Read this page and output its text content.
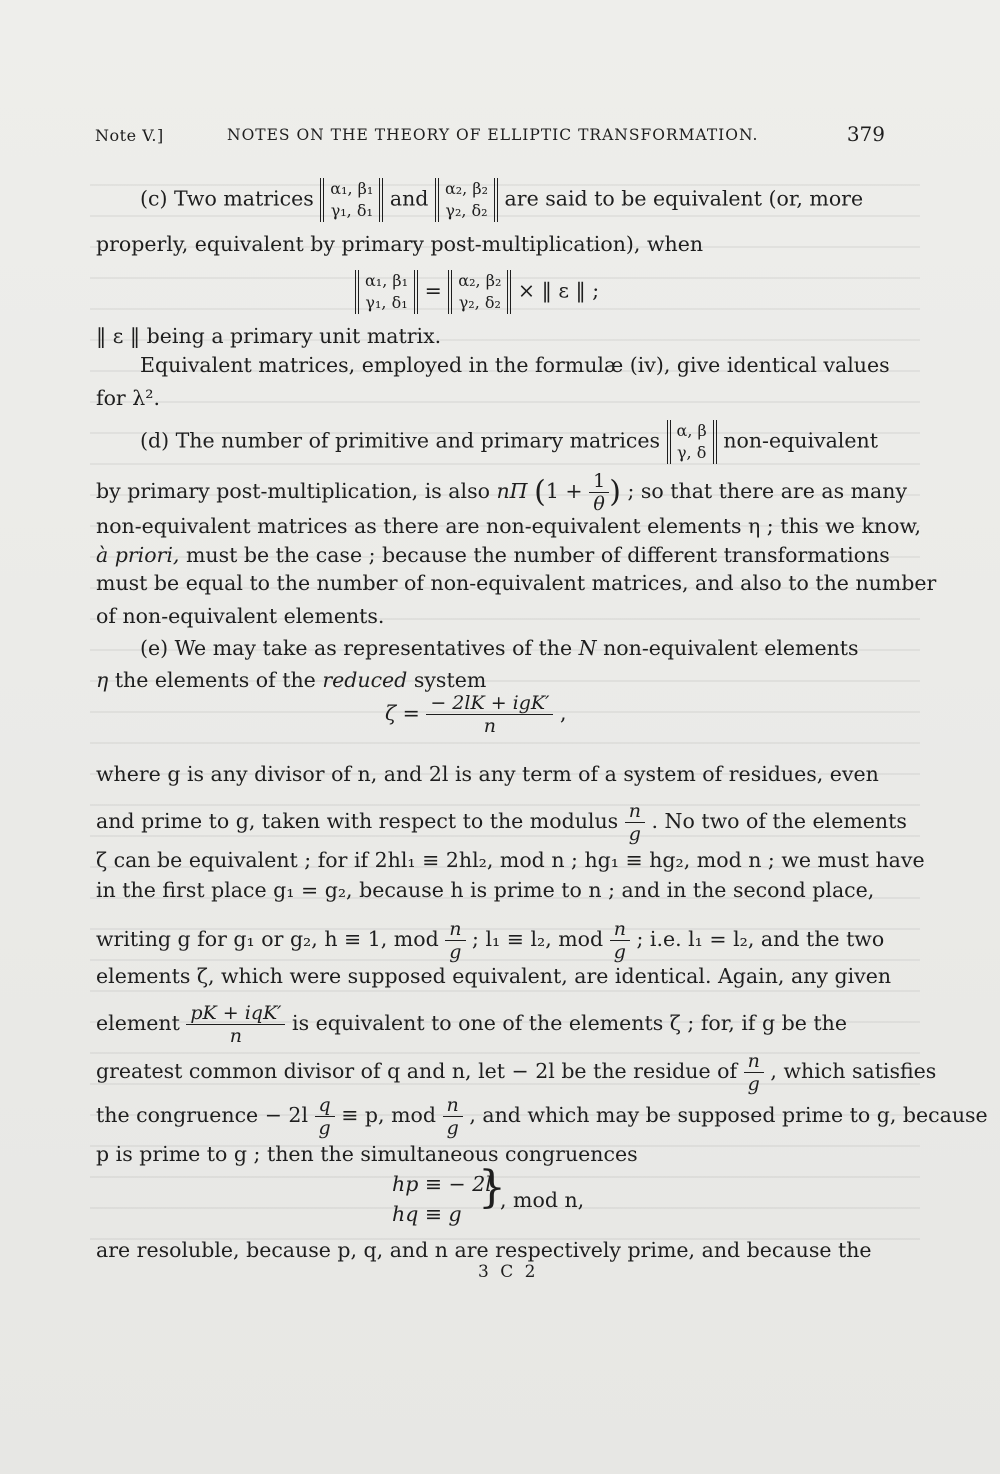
Note V.]	NOTES ON THE THEORY OF ELLIPTIC TRANSFORMATION.	379
(c) Two matrices α₁, β₁
γ₁, δ₁ and α₂, β₂
γ₂, δ₂ are said to be equivalent (or, more
properly, equivalent by primary post-multiplication), when
α₁, β₁
γ₁, δ₁ = α₂, β₂
γ₂, δ₂ × ‖ ε ‖ ;
‖ ε ‖ being a primary unit matrix.
Equivalent matrices, employed in the formulæ (iv), give identical values
for λ².
(d) The number of primitive and primary matrices α, β
γ, δ non-equivalent
by primary post-multiplication, is also nΠ ($1 + \frac{1}{\theta}$ ) ; so that there are as many
non-equivalent matrices as there are non-equivalent elements η ; this we know,
à priori, must be the case ; because the number of different transformations
must be equal to the number of non-equivalent matrices, and also to the number
of non-equivalent elements.
(e) We may take as representatives of the N non-equivalent elements
η the elements of the reduced system
$\zeta = \frac{\text{− 2lK + igK′}}{n}$ ,
where g is any divisor of n, and 2l is any term of a system of residues, even
and prime to g, taken with respect to the modulus $\frac{n}{g}$ . No two of the elements
ζ can be equivalent ; for if 2hl₁ ≡ 2hl₂, mod n ; hg₁ ≡ hg₂, mod n ; we must have
in the first place g₁ = g₂, because h is prime to n ; and in the second place,
writing g for g₁ or g₂, h ≡ 1, mod $\frac{n}{g}$ ; l₁ ≡ l₂, mod $\frac{n}{g}$ ; i.e. l₁ = l₂, and the two
elements ζ, which were supposed equivalent, are identical. Again, any given
element $\frac{\text{pK + iqK′}}{n}$ is equivalent to one of the elements ζ ; for, if g be the
greatest common divisor of q and n, let − 2l be the residue of $\frac{n}{g}$ , which satisfies
the congruence − $2l \frac{q}{g} \equiv p$, mod $\frac{n}{g}$ , and which may be supposed prime to g, because
p is prime to g ; then the simultaneous congruences
hp ≡ − 2l
hq ≡ g
}
, mod n,
are resoluble, because p, q, and n are respectively prime, and because the
3 C 2
